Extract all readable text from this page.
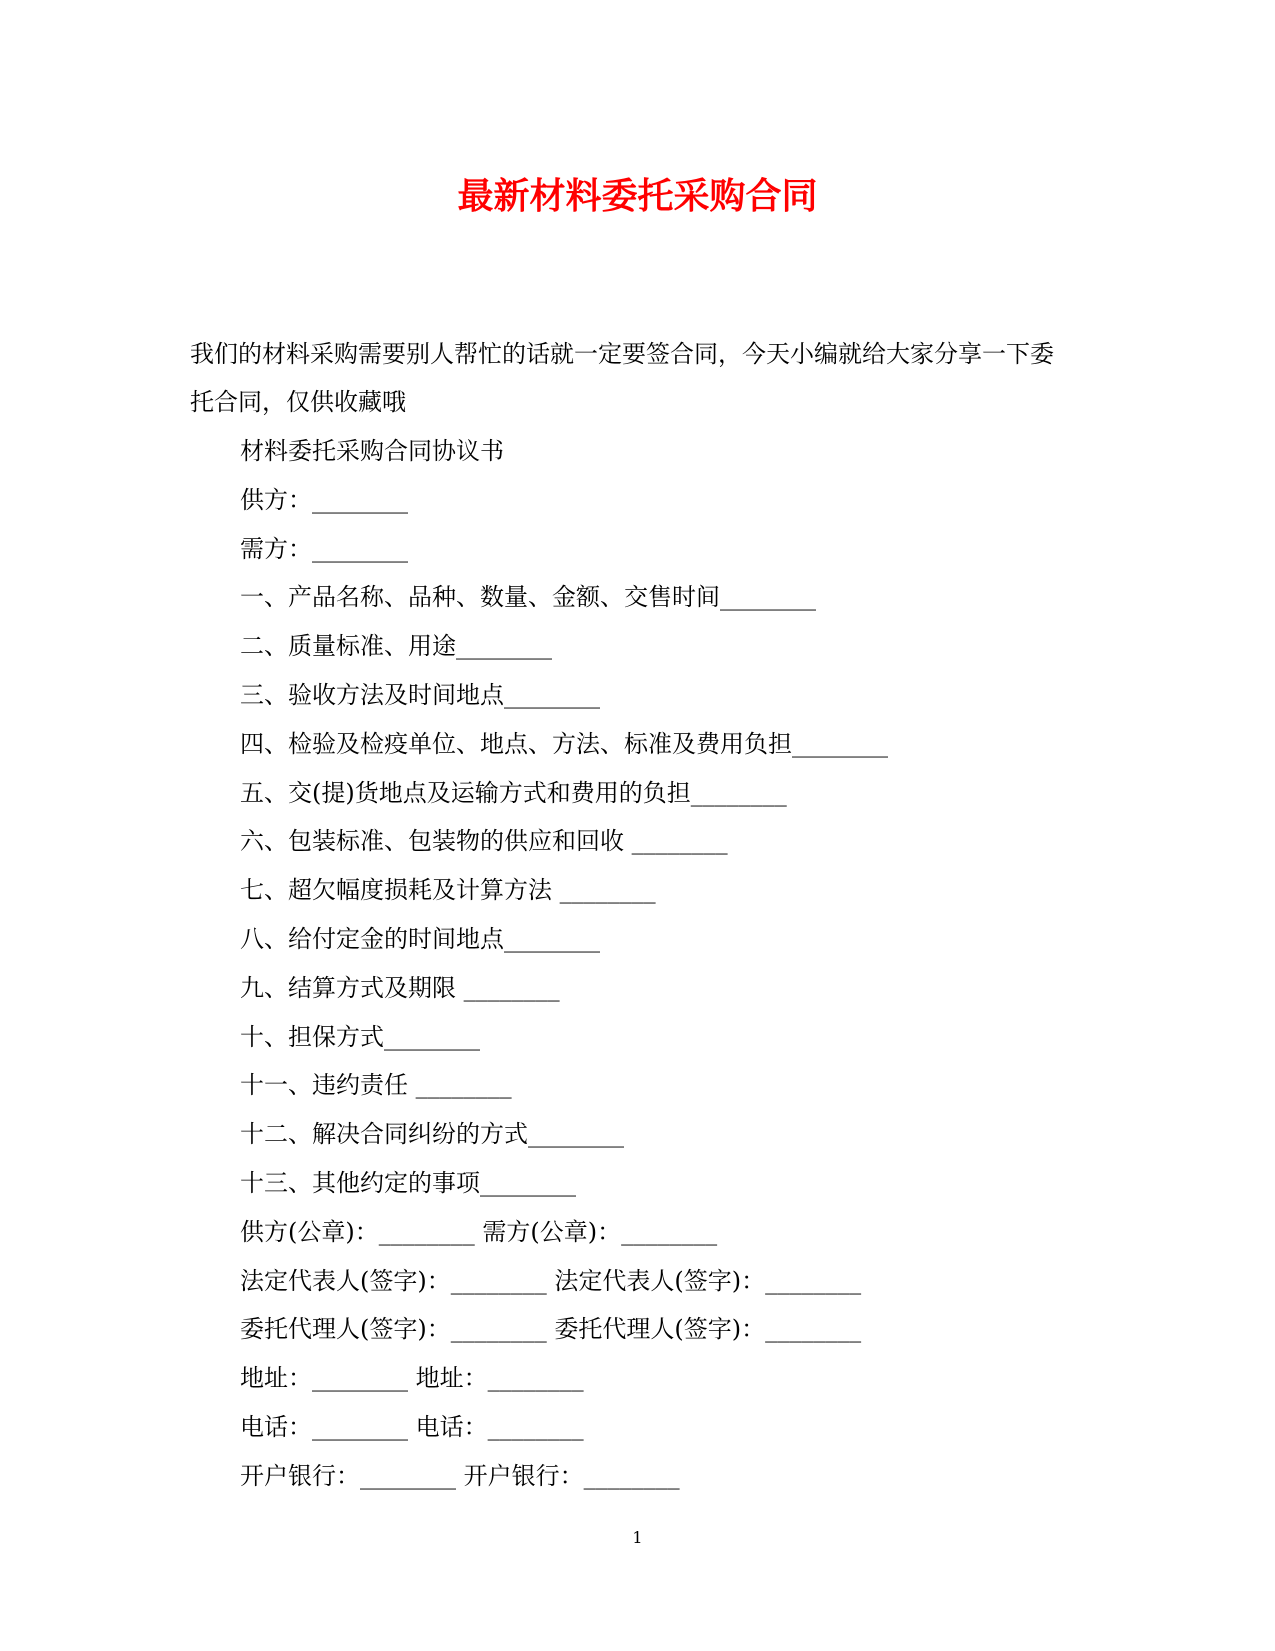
最新材料委托采购合同

我们的材料采购需要别人帮忙的话就一定要签合同，今天小编就给大家分享一下委托合同，仅供收藏哦

材料委托采购合同协议书
供方：________
需方：________
一、产品名称、品种、数量、金额、交售时间________
二、质量标准、用途________
三、验收方法及时间地点________
四、检验及检疫单位、地点、方法、标准及费用负担________
五、交(提)货地点及运输方式和费用的负担________
六、包装标准、包装物的供应和回收 ________
七、超欠幅度损耗及计算方法 ________
八、给付定金的时间地点________
九、结算方式及期限 ________
十、担保方式________
十一、违约责任 ________
十二、解决合同纠纷的方式________
十三、其他约定的事项________
供方(公章)：________ 需方(公章)：________
法定代表人(签字)：________ 法定代表人(签字)：________
委托代理人(签字)：________ 委托代理人(签字)：________
地址：________ 地址：________
电话：________ 电话：________
开户银行：________ 开户银行：________
1
